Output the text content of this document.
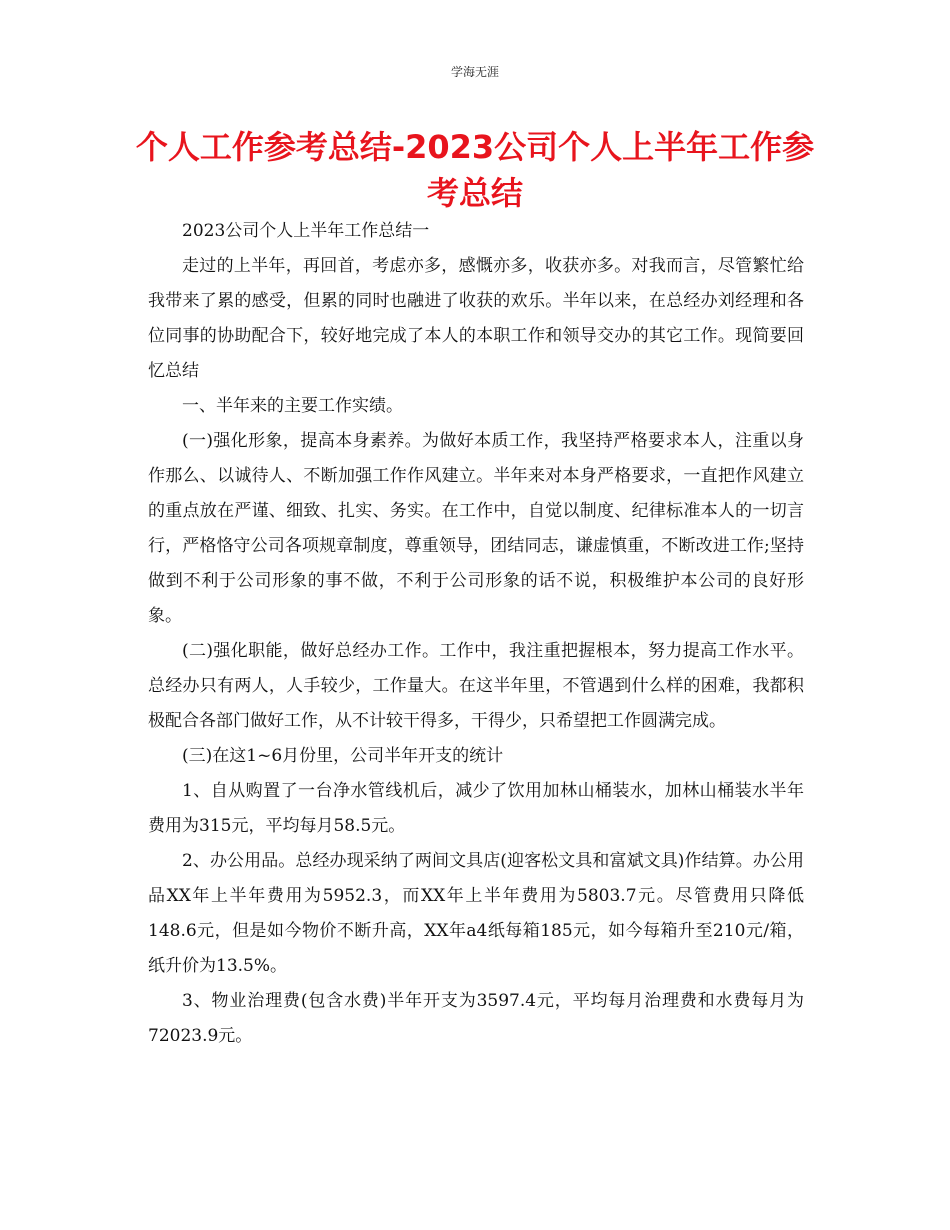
学海无涯
个人工作参考总结-2023公司个人上半年工作参考总结

2023公司个人上半年工作总结一

走过的上半年，再回首，考虑亦多，感慨亦多，收获亦多。对我而言，尽管繁忙给我带来了累的感受，但累的同时也融进了收获的欢乐。半年以来，在总经办刘经理和各位同事的协助配合下，较好地完成了本人的本职工作和领导交办的其它工作。现简要回忆总结

一、半年来的主要工作实绩。

(一)强化形象，提高本身素养。为做好本质工作，我坚持严格要求本人，注重以身作那么、以诚待人、不断加强工作作风建立。半年来对本身严格要求，一直把作风建立的重点放在严谨、细致、扎实、务实。在工作中，自觉以制度、纪律标准本人的一切言行，严格恪守公司各项规章制度，尊重领导，团结同志，谦虚慎重，不断改进工作;坚持做到不利于公司形象的事不做，不利于公司形象的话不说，积极维护本公司的良好形象。

(二)强化职能，做好总经办工作。工作中，我注重把握根本，努力提高工作水平。总经办只有两人，人手较少，工作量大。在这半年里，不管遇到什么样的困难，我都积极配合各部门做好工作，从不计较干得多，干得少，只希望把工作圆满完成。

(三)在这1~6月份里，公司半年开支的统计

1、自从购置了一台净水管线机后，减少了饮用加林山桶装水，加林山桶装水半年费用为315元，平均每月58.5元。

2、办公用品。总经办现采纳了两间文具店(迎客松文具和富斌文具)作结算。办公用品XX年上半年费用为5952.3，而XX年上半年费用为5803.7元。尽管费用只降低148.6元，但是如今物价不断升高，XX年a4纸每箱185元，如今每箱升至210元/箱，纸升价为13.5%。

3、物业治理费(包含水费)半年开支为3597.4元，平均每月治理费和水费每月为72023.9元。
